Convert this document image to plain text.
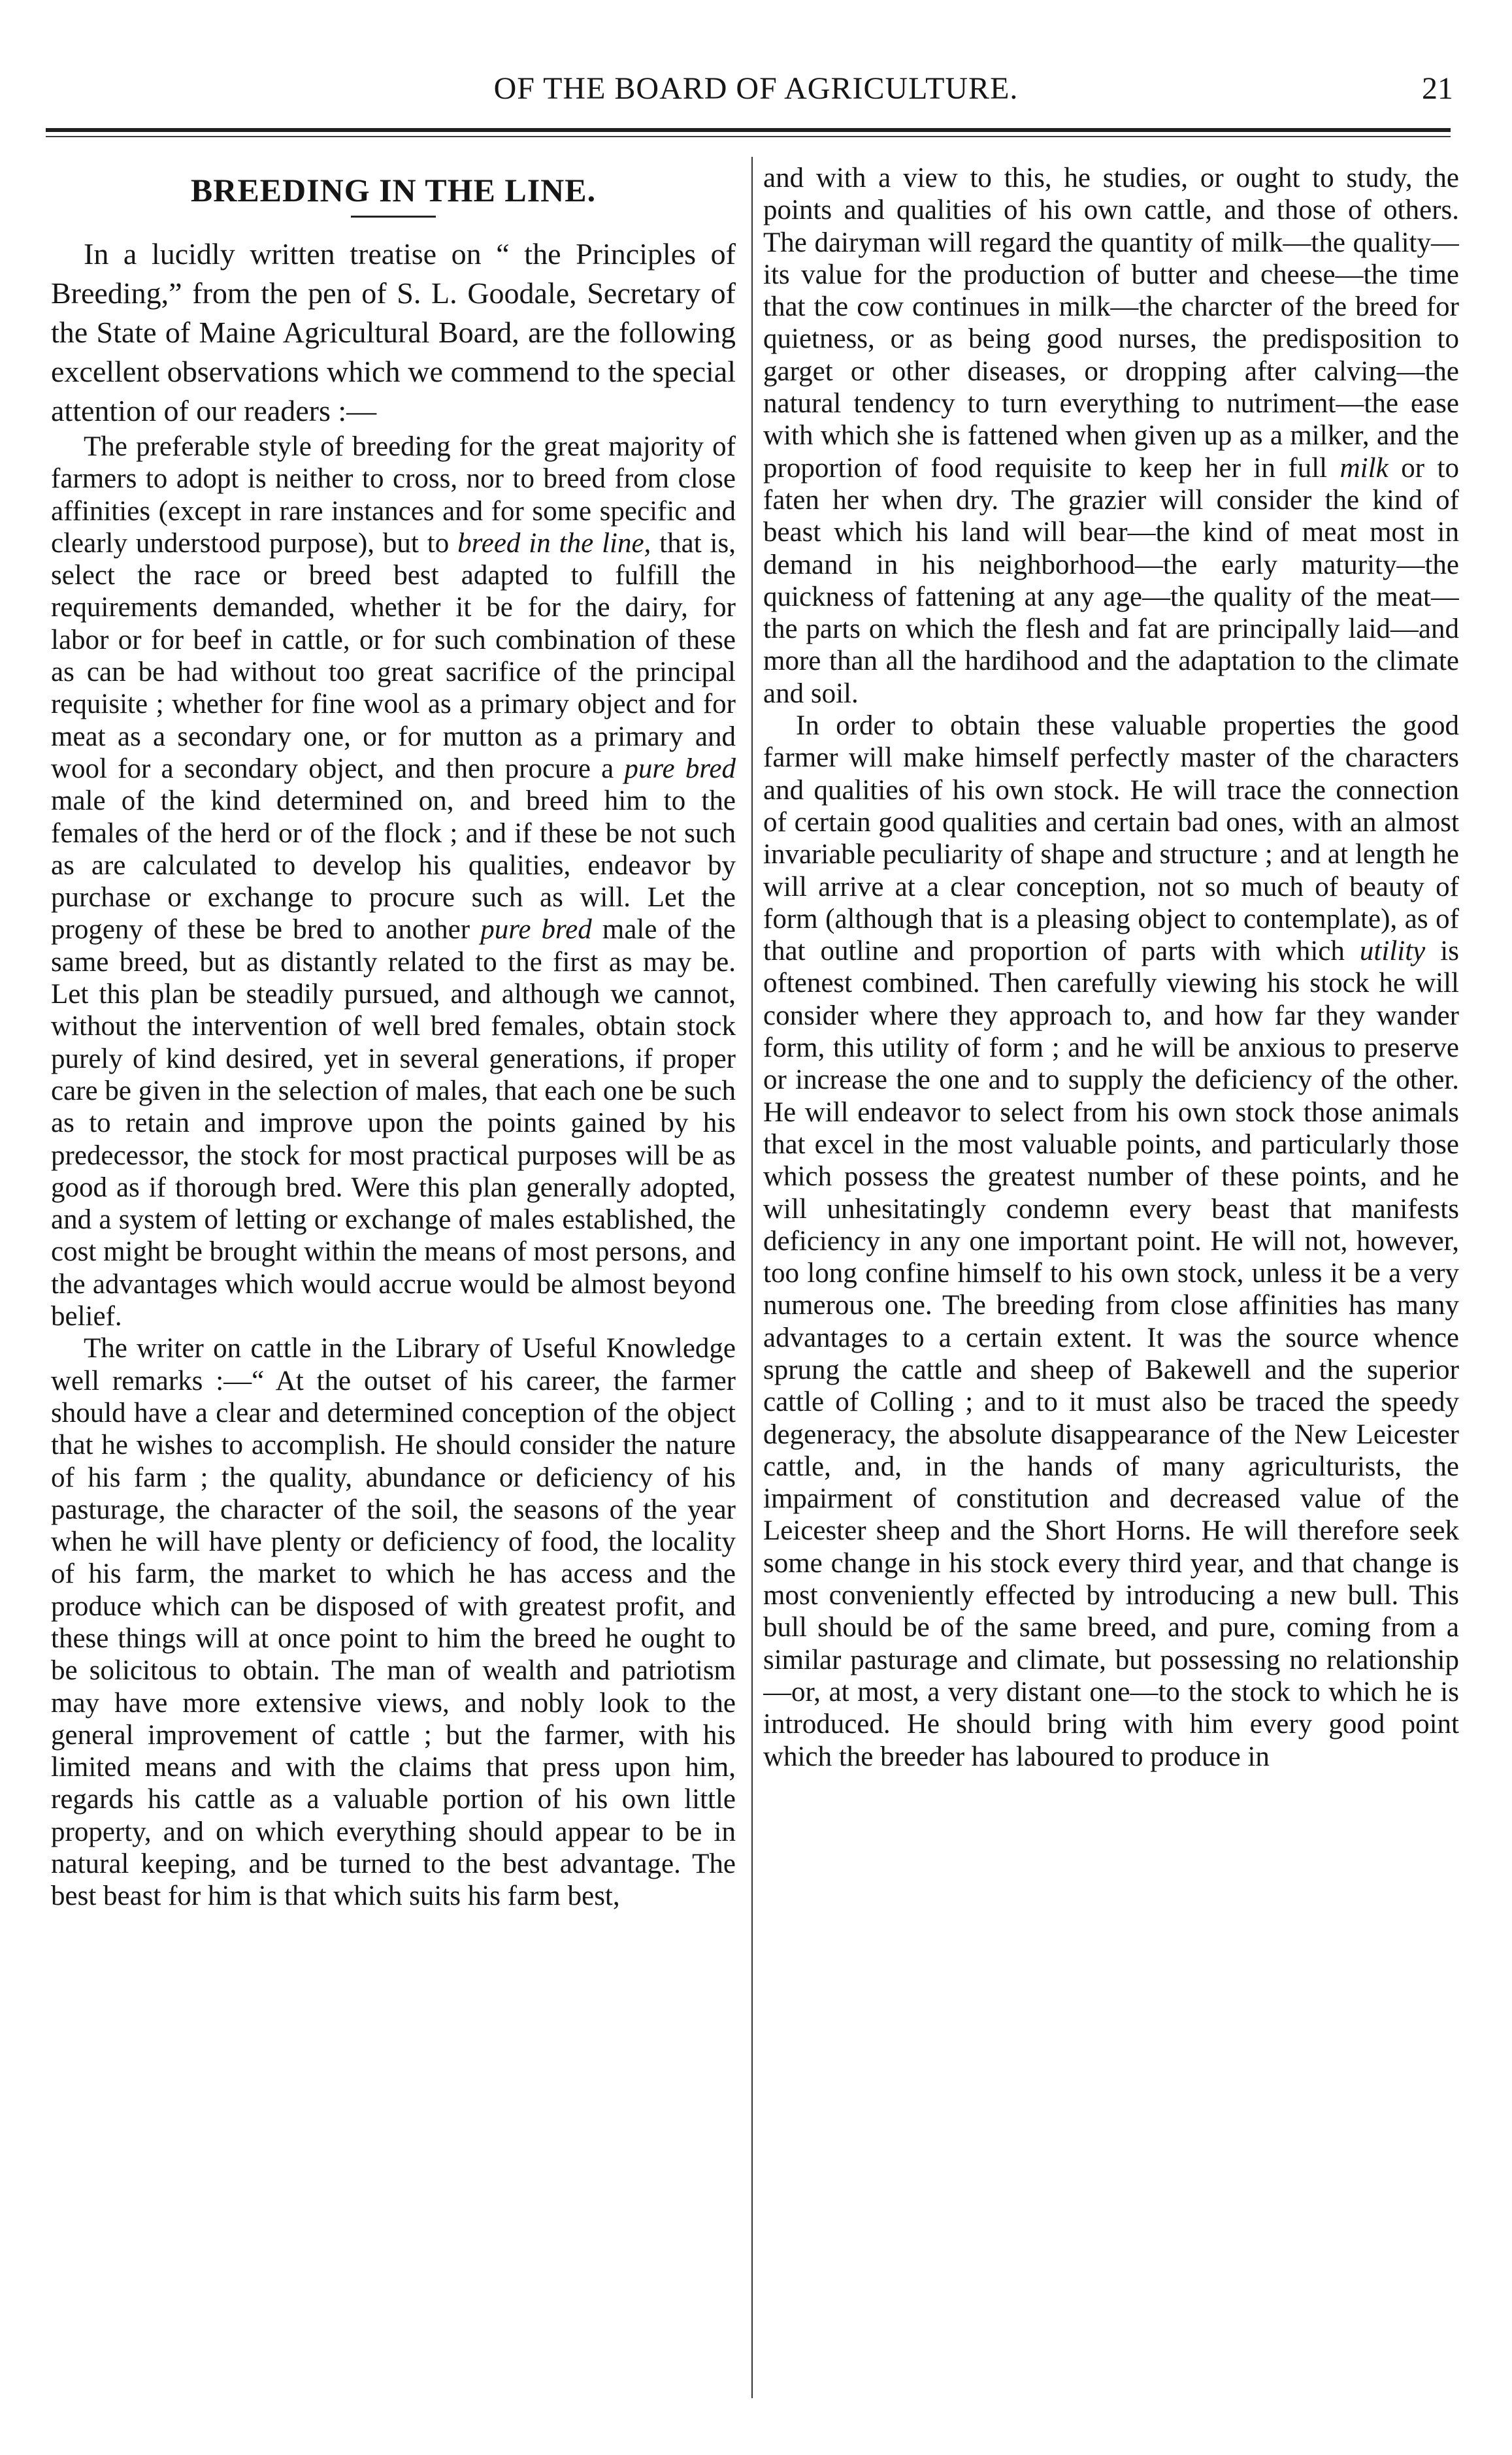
OF THE BOARD OF AGRICULTURE.	21
BREEDING IN THE LINE.

In a lucidly written treatise on “ the Principles of Breeding,” from the pen of S. L. Goodale, Secretary of the State of Maine Agricultural Board, are the following excellent observations which we commend to the special attention of our readers :—

The preferable style of breeding for the great majority of farmers to adopt is neither to cross, nor to breed from close affinities (except in rare instances and for some specific and clearly understood purpose), but to breed in the line, that is, select the race or breed best adapted to fulfill the requirements demanded, whether it be for the dairy, for labor or for beef in cattle, or for such combination of these as can be had without too great sacrifice of the principal requisite ; whether for fine wool as a primary object and for meat as a secondary one, or for mutton as a primary and wool for a secondary object, and then procure a pure bred male of the kind determined on, and breed him to the females of the herd or of the flock ; and if these be not such as are calculated to develop his qualities, endeavor by purchase or exchange to procure such as will. Let the progeny of these be bred to another pure bred male of the same breed, but as distantly related to the first as may be. Let this plan be steadily pursued, and although we cannot, without the intervention of well bred females, obtain stock purely of kind desired, yet in several generations, if proper care be given in the selection of males, that each one be such as to retain and improve upon the points gained by his predecessor, the stock for most practical purposes will be as good as if thorough bred. Were this plan generally adopted, and a system of letting or exchange of males established, the cost might be brought within the means of most persons, and the advantages which would accrue would be almost beyond belief.

The writer on cattle in the Library of Useful Knowledge well remarks :—“ At the outset of his career, the farmer should have a clear and determined conception of the object that he wishes to accomplish. He should consider the nature of his farm ; the quality, abundance or deficiency of his pasturage, the character of the soil, the seasons of the year when he will have plenty or deficiency of food, the locality of his farm, the market to which he has access and the produce which can be disposed of with greatest profit, and these things will at once point to him the breed he ought to be solicitous to obtain. The man of wealth and patriotism may have more extensive views, and nobly look to the general improvement of cattle ; but the farmer, with his limited means and with the claims that press upon him, regards his cattle as a valuable portion of his own little property, and on which everything should appear to be in natural keeping, and be turned to the best advantage. The best beast for him is that which suits his farm best,

and with a view to this, he studies, or ought to study, the points and qualities of his own cattle, and those of others. The dairyman will regard the quantity of milk—the quality—its value for the production of butter and cheese—the time that the cow continues in milk—the charcter of the breed for quietness, or as being good nurses, the predisposition to garget or other diseases, or dropping after calving—the natural tendency to turn everything to nutriment—the ease with which she is fattened when given up as a milker, and the proportion of food requisite to keep her in full milk or to faten her when dry. The grazier will consider the kind of beast which his land will bear—the kind of meat most in demand in his neighborhood—the early maturity—the quickness of fattening at any age—the quality of the meat—the parts on which the flesh and fat are principally laid—and more than all the hardihood and the adaptation to the climate and soil.

In order to obtain these valuable properties the good farmer will make himself perfectly master of the characters and qualities of his own stock. He will trace the connection of certain good qualities and certain bad ones, with an almost invariable peculiarity of shape and structure ; and at length he will arrive at a clear conception, not so much of beauty of form (although that is a pleasing object to contemplate), as of that outline and proportion of parts with which utility is oftenest combined. Then carefully viewing his stock he will consider where they approach to, and how far they wander form, this utility of form ; and he will be anxious to preserve or increase the one and to supply the deficiency of the other. He will endeavor to select from his own stock those animals that excel in the most valuable points, and particularly those which possess the greatest number of these points, and he will unhesitatingly condemn every beast that manifests deficiency in any one important point. He will not, however, too long confine himself to his own stock, unless it be a very numerous one. The breeding from close affinities has many advantages to a certain extent. It was the source whence sprung the cattle and sheep of Bakewell and the superior cattle of Colling ; and to it must also be traced the speedy degeneracy, the absolute disappearance of the New Leicester cattle, and, in the hands of many agriculturists, the impairment of constitution and decreased value of the Leicester sheep and the Short Horns. He will therefore seek some change in his stock every third year, and that change is most conveniently effected by introducing a new bull. This bull should be of the same breed, and pure, coming from a similar pasturage and climate, but possessing no relationship—or, at most, a very distant one—to the stock to which he is introduced. He should bring with him every good point which the breeder has laboured to produce in
